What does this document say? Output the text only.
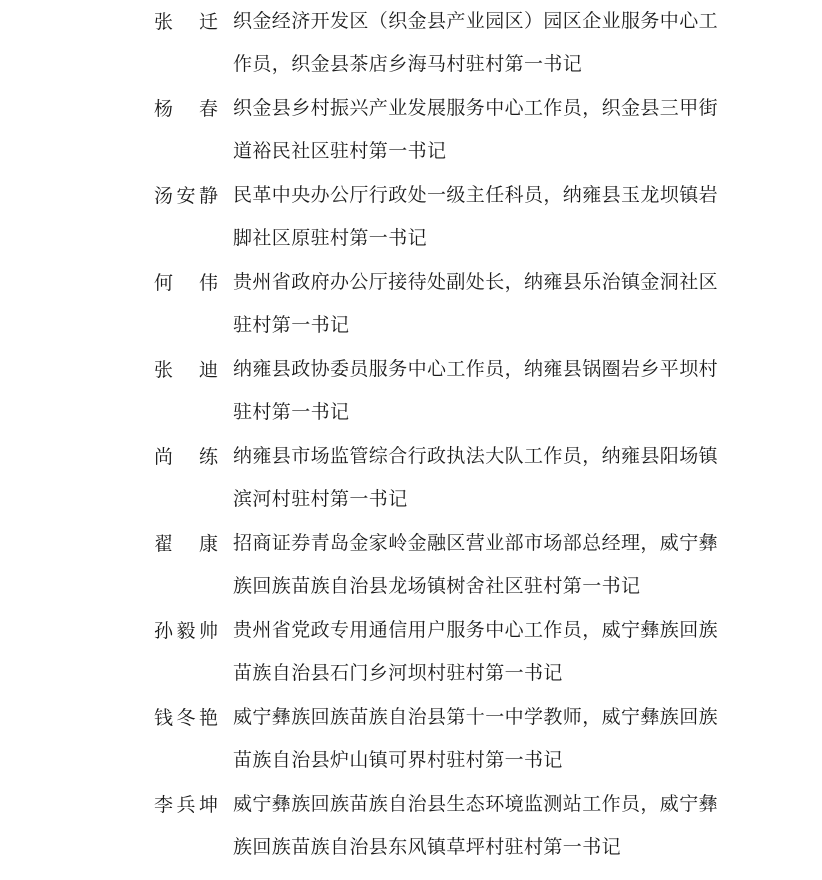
张　迁 织金经济开发区（织金县产业园区）园区企业服务中心工
作员，织金县茶店乡海马村驻村第一书记
杨　春 织金县乡村振兴产业发展服务中心工作员，织金县三甲街
道裕民社区驻村第一书记
汤安静 民革中央办公厅行政处一级主任科员，纳雍县玉龙坝镇岩
脚社区原驻村第一书记
何　伟 贵州省政府办公厅接待处副处长，纳雍县乐治镇金洞社区
驻村第一书记
张　迪 纳雍县政协委员服务中心工作员，纳雍县锅圈岩乡平坝村
驻村第一书记
尚　练 纳雍县市场监管综合行政执法大队工作员，纳雍县阳场镇
滨河村驻村第一书记
翟　康 招商证券青岛金家岭金融区营业部市场部总经理，威宁彝
族回族苗族自治县龙场镇树舍社区驻村第一书记
孙毅帅 贵州省党政专用通信用户服务中心工作员，威宁彝族回族
苗族自治县石门乡河坝村驻村第一书记
钱冬艳 威宁彝族回族苗族自治县第十一中学教师，威宁彝族回族
苗族自治县炉山镇可界村驻村第一书记
李兵坤 威宁彝族回族苗族自治县生态环境监测站工作员，威宁彝
族回族苗族自治县东风镇草坪村驻村第一书记
